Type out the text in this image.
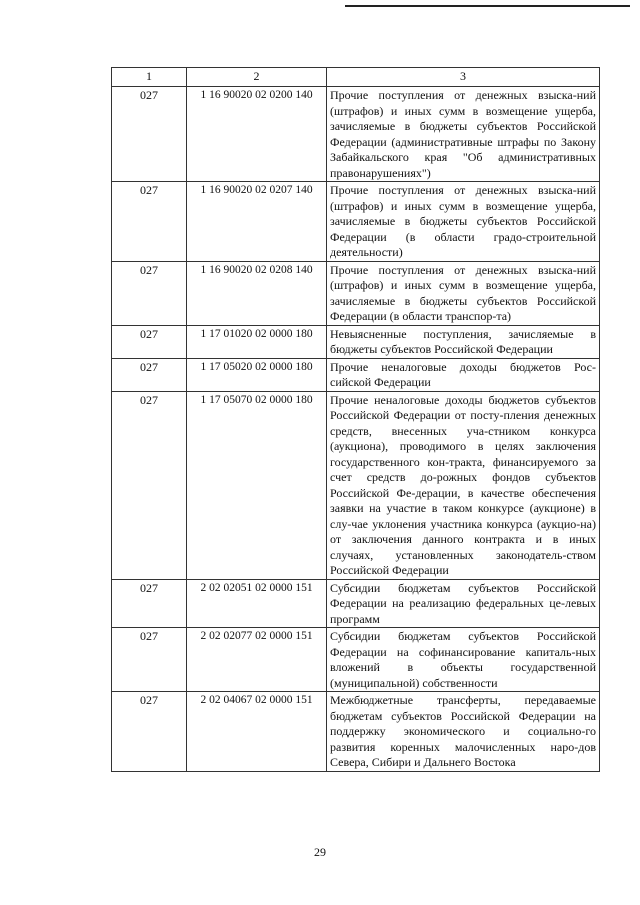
1	2	3
027	1 16 90020 02 0200 140	Прочие поступления от денежных взыска-ний (штрафов) и иных сумм в возмещение ущерба, зачисляемые в бюджеты субъектов Российской Федерации (административные штрафы по Закону Забайкальского края "Об административных правонарушениях")
027	1 16 90020 02 0207 140	Прочие поступления от денежных взыска-ний (штрафов) и иных сумм в возмещение ущерба, зачисляемые в бюджеты субъектов Российской Федерации (в области градо-строительной деятельности)
027	1 16 90020 02 0208 140	Прочие поступления от денежных взыска-ний (штрафов) и иных сумм в возмещение ущерба, зачисляемые в бюджеты субъектов Российской Федерации (в области транспор-та)
027	1 17 01020 02 0000 180	Невыясненные поступления, зачисляемые в бюджеты субъектов Российской Федерации
027	1 17 05020 02 0000 180	Прочие неналоговые доходы бюджетов Рос-сийской Федерации
027	1 17 05070 02 0000 180	Прочие неналоговые доходы бюджетов субъектов Российской Федерации от посту-пления денежных средств, внесенных уча-стником конкурса (аукциона), проводимого в целях заключения государственного кон-тракта, финансируемого за счет средств до-рожных фондов субъектов Российской Фе-дерации, в качестве обеспечения заявки на участие в таком конкурсе (аукционе) в слу-чае уклонения участника конкурса (аукцио-на) от заключения данного контракта и в иных случаях, установленных законодатель-ством Российской Федерации
027	2 02 02051 02 0000 151	Субсидии бюджетам субъектов Российской Федерации на реализацию федеральных це-левых программ
027	2 02 02077 02 0000 151	Субсидии бюджетам субъектов Российской Федерации на софинансирование капиталь-ных вложений в объекты государственной (муниципальной) собственности
027	2 02 04067 02 0000 151	Межбюджетные трансферты, передаваемые бюджетам субъектов Российской Федерации на поддержку экономического и социально-го развития коренных малочисленных наро-дов Севера, Сибири и Дальнего Востока
29
